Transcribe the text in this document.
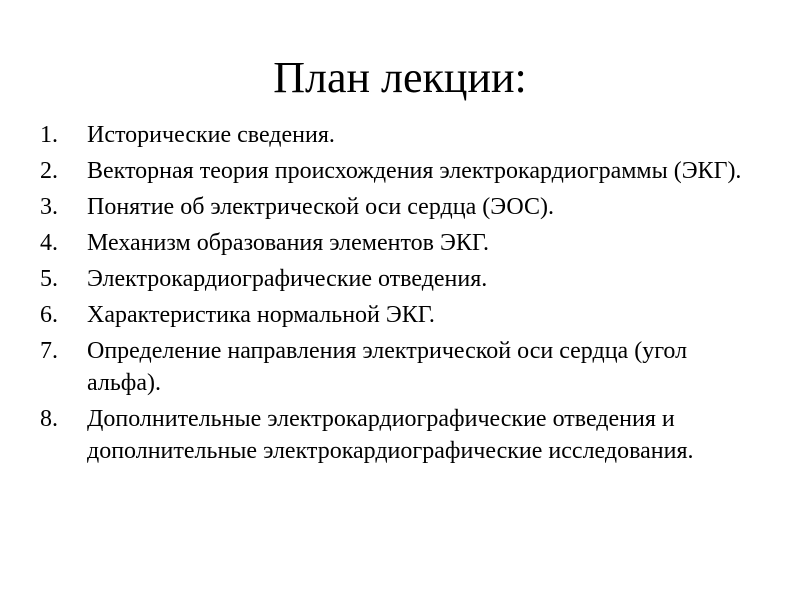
План лекции:
1.	Исторические сведения.
2.	Векторная теория происхождения электрокардиограммы (ЭКГ).
3.	Понятие об электрической оси сердца (ЭОС).
4.	Механизм образования элементов ЭКГ.
5.	Электрокардиографические отведения.
6.	Характеристика нормальной ЭКГ.
7.	Определение направления электрической оси сердца (угол альфа).
8.	Дополнительные электрокардиографические отведения и дополнительные электрокардиографические исследования.
